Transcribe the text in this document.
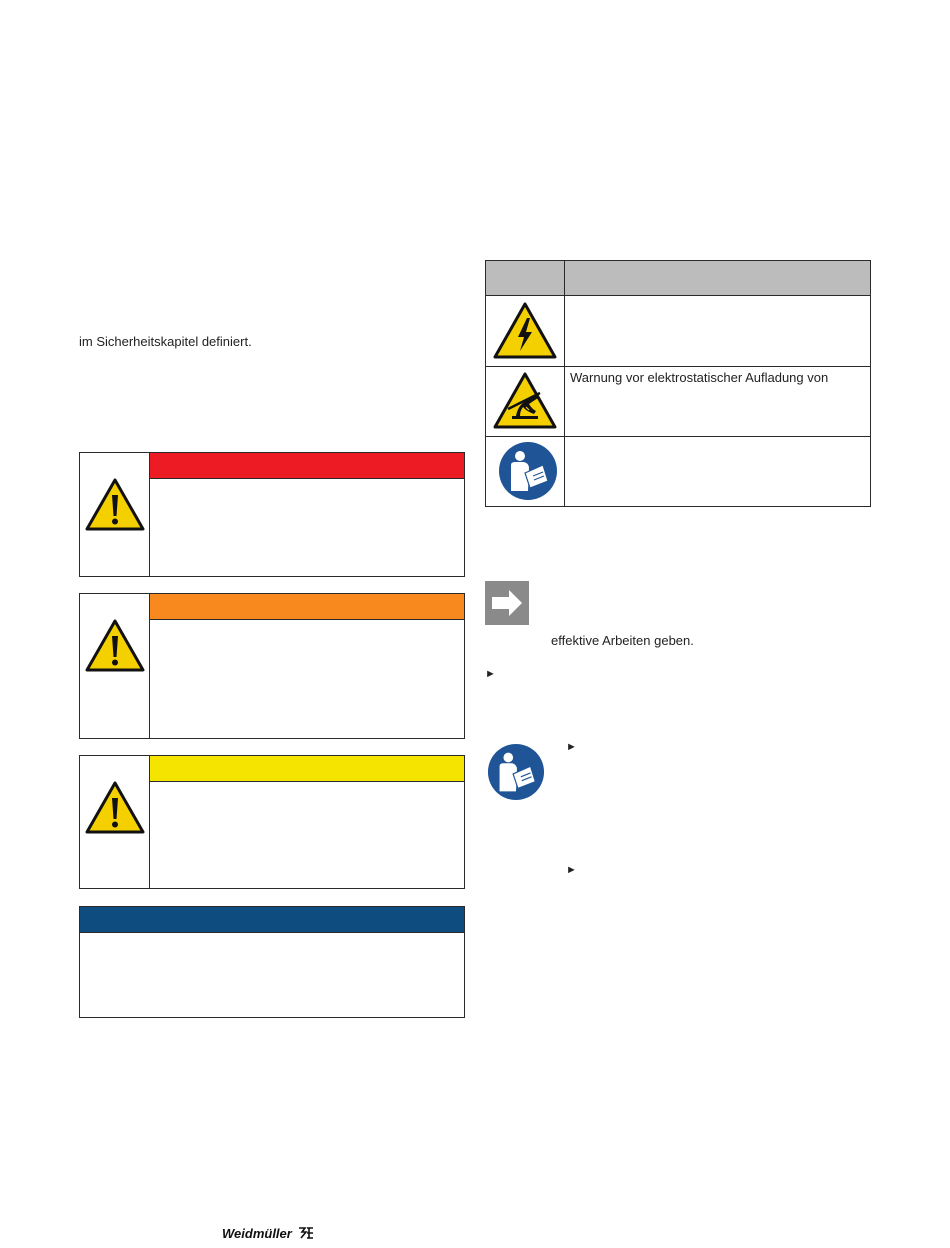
im Sicherheitskapitel definiert.
Warnung vor elektrostatischer Aufladung von
effektive Arbeiten geben.
►
►
►
Weidmüller
